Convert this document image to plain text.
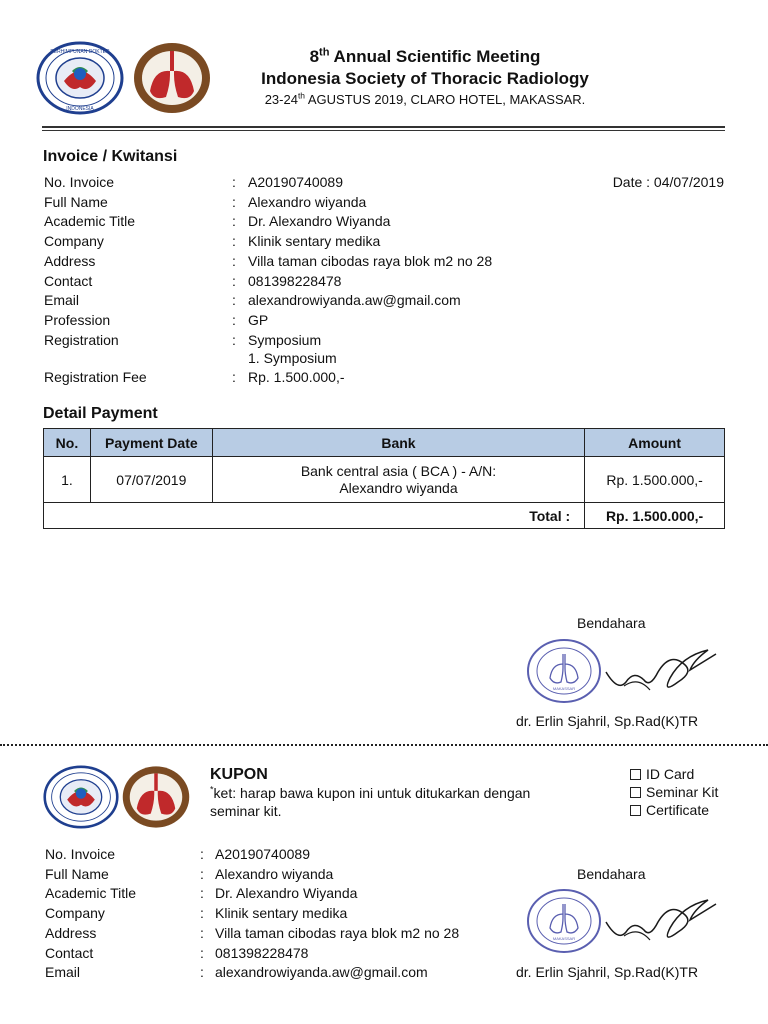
PERHIMPUNAN DOKTER
INDONESIA
8th Annual Scientific Meeting
Indonesia Society of Thoracic Radiology
23-24th AGUSTUS 2019, CLARO HOTEL, MAKASSAR.
Invoice / Kwitansi
Date : 04/07/2019
No. Invoice	: A20190740089
Full Name	: Alexandro wiyanda
Academic Title	: Dr. Alexandro Wiyanda
Company	: Klinik sentary medika
Address	: Villa taman cibodas raya blok m2 no 28
Contact	: 081398228478
Email	: alexandrowiyanda.aw@gmail.com
Profession	: GP
Registration	: Symposium
1. Symposium
Registration Fee	: Rp. 1.500.000,-
Detail Payment
No.	Payment Date	Bank	Amount
1.	07/07/2019	Bank central asia ( BCA ) - A/N: Alexandro wiyanda	Rp. 1.500.000,-
Total :			Rp. 1.500.000,-
Bendahara
MAKASSAR
dr. Erlin Sjahril, Sp.Rad(K)TR
KUPON
*ket: harap bawa kupon ini untuk ditukarkan dengan
seminar kit.
ID Card
Seminar Kit
Certificate
No. Invoice	: A20190740089
Full Name	: Alexandro wiyanda
Academic Title	: Dr. Alexandro Wiyanda
Company	: Klinik sentary medika
Address	: Villa taman cibodas raya blok m2 no 28
Contact	: 081398228478
Email	: alexandrowiyanda.aw@gmail.com
Bendahara
MAKASSAR
dr. Erlin Sjahril, Sp.Rad(K)TR
